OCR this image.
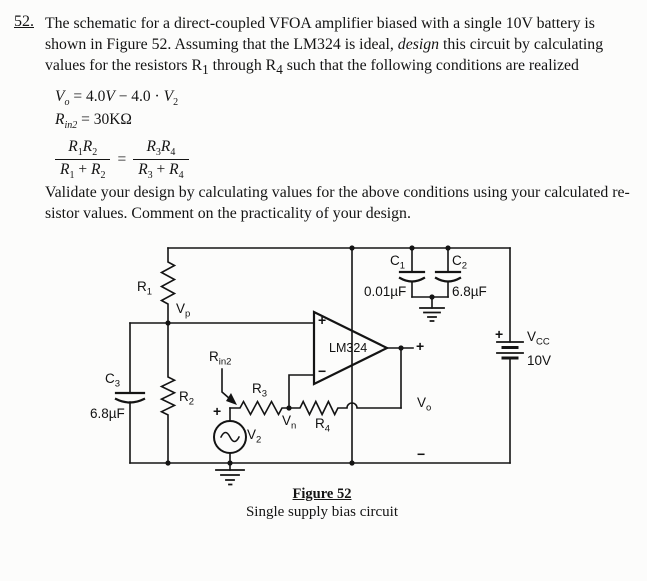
52. The schematic for a direct-coupled VFOA amplifier biased with a single 10V battery is shown in Figure 52. Assuming that the LM324 is ideal, design this circuit by calculating values for the resistors $R_1$ through $R_4$ such that the following conditions are realized
$V_o = 4.0V - 4.0 \cdot V_2$
$R_{in2} = 30K\Omega$
$\frac{R_1R_2}{R_1 + R_2} = \frac{R_3R_4}{R_3 + R_4}$
Validate your design by calculating values for the above conditions using your calculated re-
sistor values. Comment on the practicality of your design.
$R_1$
$V_p$
$C_3$
6.8µF
$R_2$
$R_{in2}$
$R_3$
+
$V_2$
$V_n$ $R_4$
+
−
LM324	+
$V_o$
−
$C_1$
0.01µF
$C_2$
6.8µF
+ $V_{CC}$
10V
Figure 52
Single supply bias circuit
